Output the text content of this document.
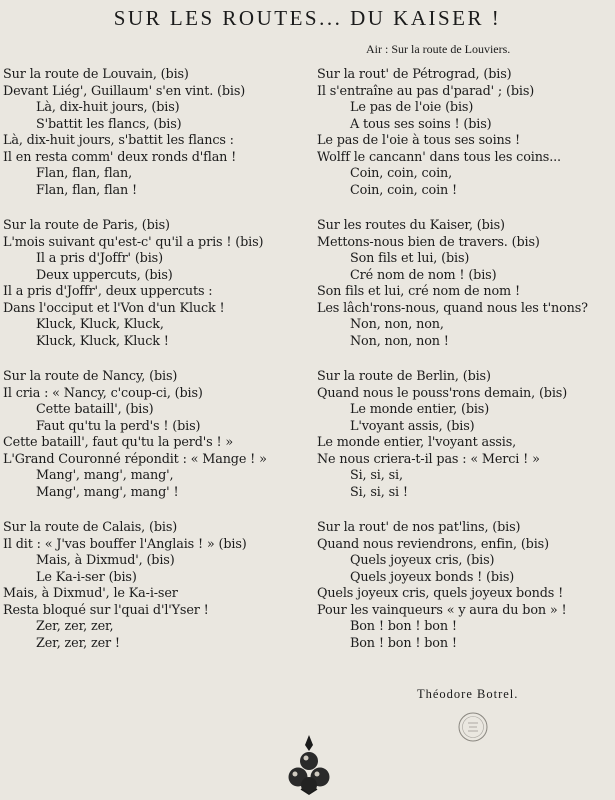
SUR LES ROUTES... DU KAISER !
Air : Sur la route de Louviers.
Sur la route de Louvain, (bis)
Devant Liég', Guillaum' s'en vint. (bis)
Là, dix-huit jours, (bis)
S'battit les flancs, (bis)
Là, dix-huit jours, s'battit les flancs :
Il en resta comm' deux ronds d'flan !
Flan, flan, flan,
Flan, flan, flan !
Sur la route de Paris, (bis)
L'mois suivant qu'est-c' qu'il a pris ! (bis)
Il a pris d'Joffr' (bis)
Deux uppercuts, (bis)
Il a pris d'Joffr', deux uppercuts :
Dans l'occiput et l'Von d'un Kluck !
Kluck, Kluck, Kluck,
Kluck, Kluck, Kluck !
Sur la route de Nancy, (bis)
Il cria : « Nancy, c'coup-ci, (bis)
Cette bataill', (bis)
Faut qu'tu la perd's ! (bis)
Cette bataill', faut qu'tu la perd's ! »
L'Grand Couronné répondit : « Mange ! »
Mang', mang', mang',
Mang', mang', mang' !
Sur la route de Calais, (bis)
Il dit : « J'vas bouffer l'Anglais ! » (bis)
Mais, à Dixmud', (bis)
Le Ka-i-ser (bis)
Mais, à Dixmud', le Ka-i-ser
Resta bloqué sur l'quai d'l'Yser !
Zer, zer, zer,
Zer, zer, zer !
Sur la rout' de Pétrograd, (bis)
Il s'entraîne au pas d'parad' ; (bis)
Le pas de l'oie (bis)
A tous ses soins ! (bis)
Le pas de l'oie à tous ses soins !
Wolff le cancann' dans tous les coins...
Coin, coin, coin,
Coin, coin, coin !
Sur les routes du Kaiser, (bis)
Mettons-nous bien de travers. (bis)
Son fils et lui, (bis)
Cré nom de nom ! (bis)
Son fils et lui, cré nom de nom !
Les lâch'rons-nous, quand nous les t'nons?
Non, non, non,
Non, non, non !
Sur la route de Berlin, (bis)
Quand nous le pouss'rons demain, (bis)
Le monde entier, (bis)
L'voyant assis, (bis)
Le monde entier, l'voyant assis,
Ne nous criera-t-il pas : « Merci ! »
Si, si, si,
Si, si, si !
Sur la rout' de nos pat'lins, (bis)
Quand nous reviendrons, enfin, (bis)
Quels joyeux cris, (bis)
Quels joyeux bonds ! (bis)
Quels joyeux cris, quels joyeux bonds !
Pour les vainqueurs « y aura du bon » !
Bon ! bon ! bon !
Bon ! bon ! bon !
Théodore Botrel.
